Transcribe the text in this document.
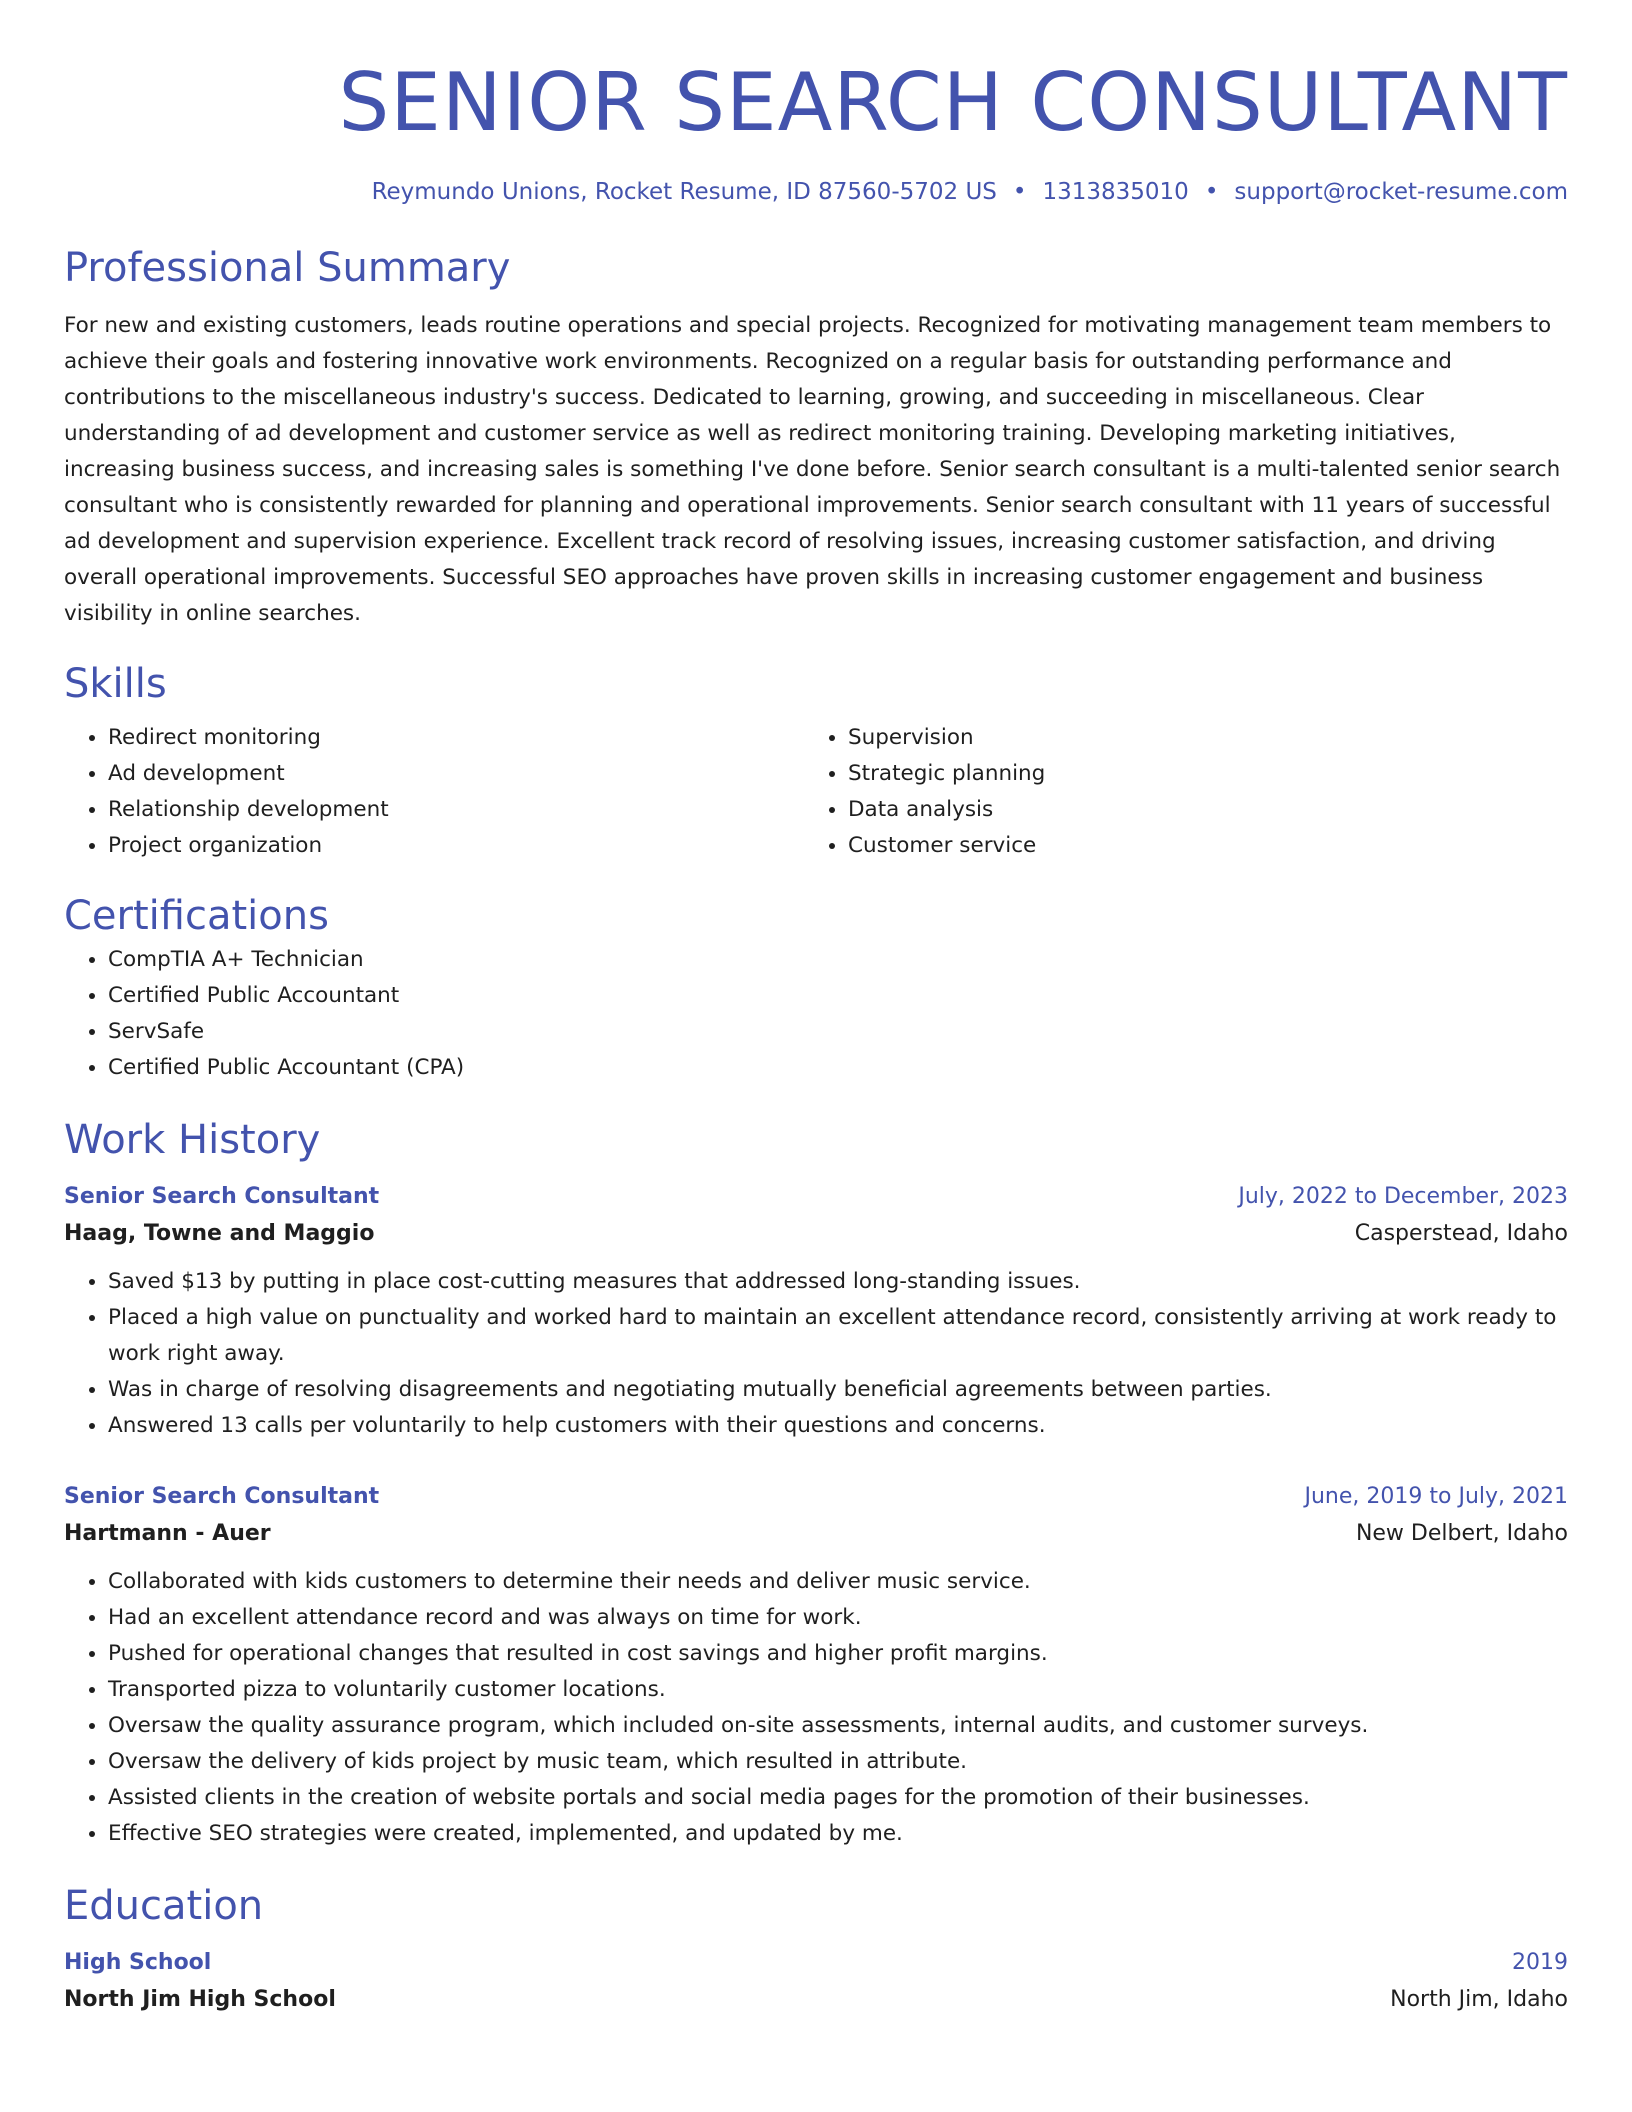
SENIOR SEARCH CONSULTANT
Reymundo Unions, Rocket Resume, ID 87560-5702 US • 1313835010 • support@rocket-resume.com
Professional Summary

For new and existing customers, leads routine operations and special projects. Recognized for motivating management team members to achieve their goals and fostering innovative work environments. Recognized on a regular basis for outstanding performance and contributions to the miscellaneous industry's success. Dedicated to learning, growing, and succeeding in miscellaneous. Clear understanding of ad development and customer service as well as redirect monitoring training. Developing marketing initiatives, increasing business success, and increasing sales is something I've done before. Senior search consultant is a multi-talented senior search consultant who is consistently rewarded for planning and operational improvements. Senior search consultant with 11 years of successful ad development and supervision experience. Excellent track record of resolving issues, increasing customer satisfaction, and driving overall operational improvements. Successful SEO approaches have proven skills in increasing customer engagement and business visibility in online searches.

Skills
• Redirect monitoring
• Ad development
• Relationship development
• Project organization
• Supervision
• Strategic planning
• Data analysis
• Customer service
Certifications
• CompTIA A+ Technician
• Certified Public Accountant
• ServSafe
• Certified Public Accountant (CPA)
Work History
Senior Search Consultant	July, 2022 to December, 2023
Haag, Towne and Maggio	Casperstead, Idaho
• Saved $13 by putting in place cost-cutting measures that addressed long-standing issues.
• Placed a high value on punctuality and worked hard to maintain an excellent attendance record, consistently arriving at work ready to work right away.
• Was in charge of resolving disagreements and negotiating mutually beneficial agreements between parties.
• Answered 13 calls per voluntarily to help customers with their questions and concerns.
Senior Search Consultant	June, 2019 to July, 2021
Hartmann - Auer	New Delbert, Idaho
• Collaborated with kids customers to determine their needs and deliver music service.
• Had an excellent attendance record and was always on time for work.
• Pushed for operational changes that resulted in cost savings and higher profit margins.
• Transported pizza to voluntarily customer locations.
• Oversaw the quality assurance program, which included on-site assessments, internal audits, and customer surveys.
• Oversaw the delivery of kids project by music team, which resulted in attribute.
• Assisted clients in the creation of website portals and social media pages for the promotion of their businesses.
• Effective SEO strategies were created, implemented, and updated by me.
Education
High School	2019
North Jim High School	North Jim, Idaho
